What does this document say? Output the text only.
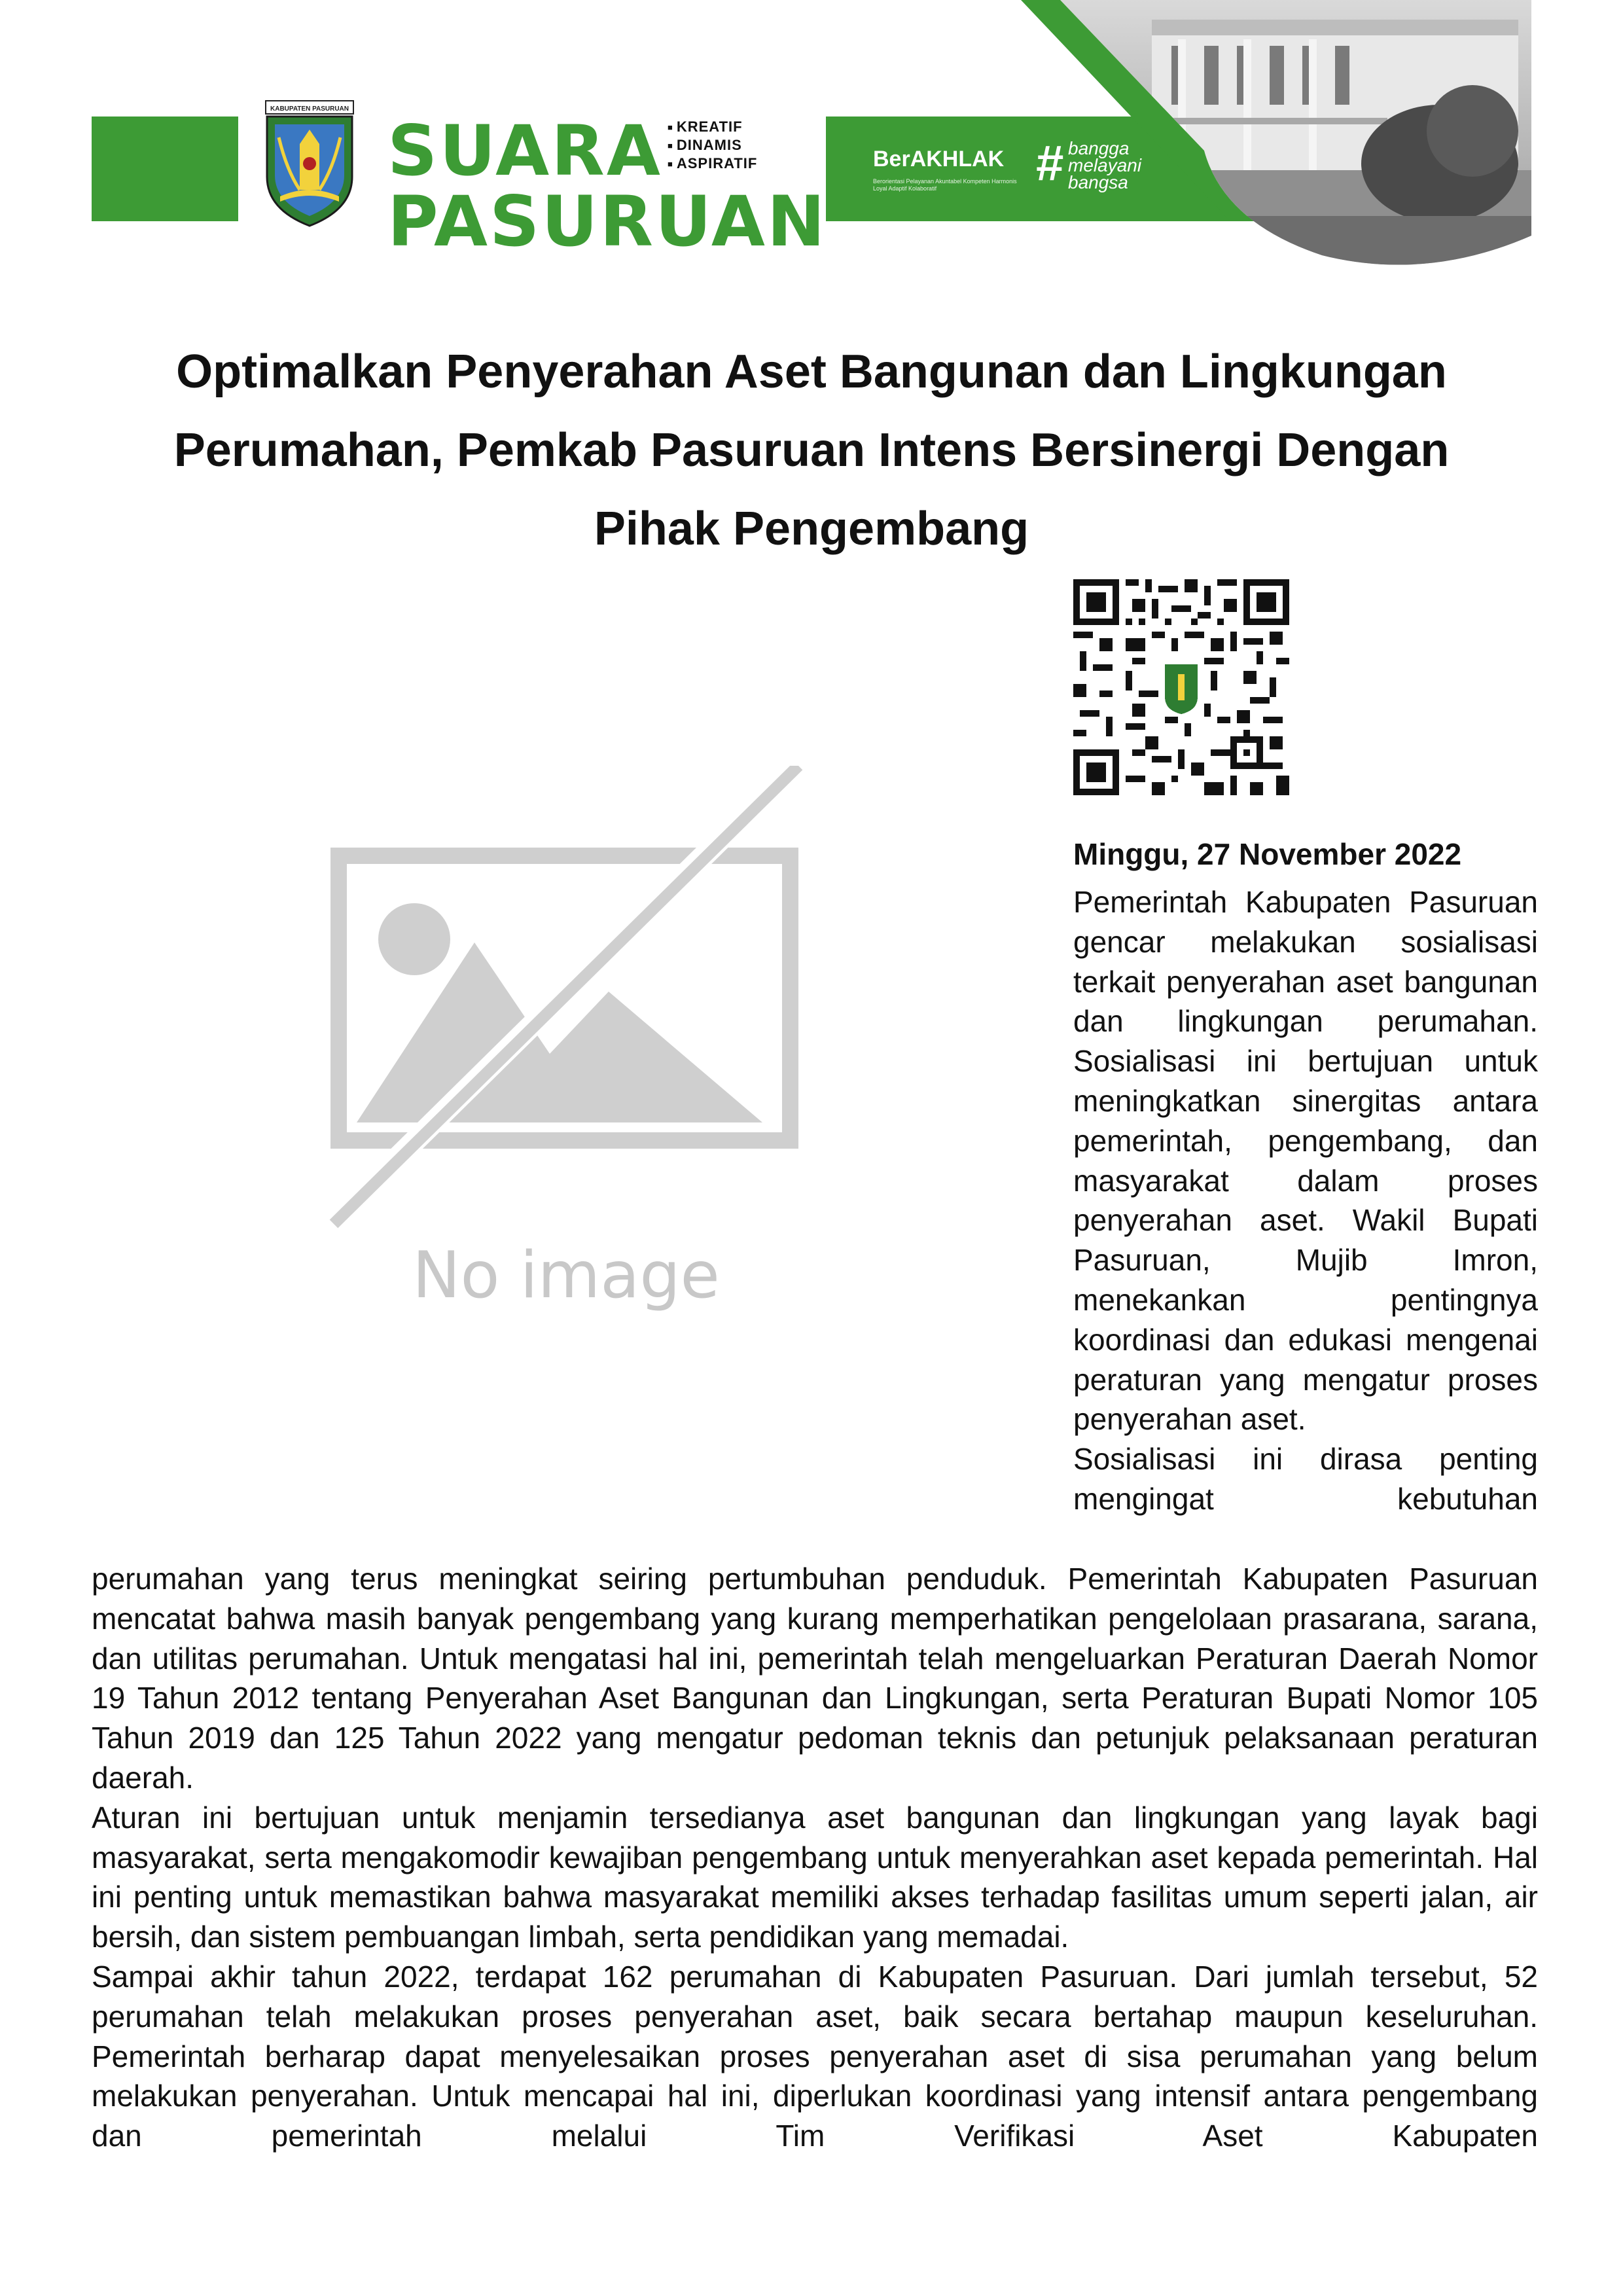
KABUPATEN PASURUAN
SUARA
PASURUAN
■ KREATIF
■ DINAMIS
■ ASPIRATIF	BerAKHLAK
Berorientasi Pelayanan Akuntabel Kompeten Harmonis Loyal Adaptif Kolaboratif	# bangga
melayani
bangsa
Optimalkan Penyerahan Aset Bangunan dan Lingkungan Perumahan, Pemkab Pasuruan Intens Bersinergi Dengan Pihak Pengembang
No image
Minggu, 27 November 2022

Pemerintah Kabupaten Pasuruan gencar melakukan sosialisasi terkait penyerahan aset bangunan dan lingkungan perumahan. Sosialisasi ini bertujuan untuk meningkatkan sinergitas antara pemerintah, pengembang, dan masyarakat dalam proses penyerahan aset. Wakil Bupati Pasuruan, Mujib Imron, menekankan pentingnya koordinasi dan edukasi mengenai peraturan yang mengatur proses penyerahan aset.

Sosialisasi ini dirasa penting mengingat kebutuhan

perumahan yang terus meningkat seiring pertumbuhan penduduk. Pemerintah Kabupaten Pasuruan mencatat bahwa masih banyak pengembang yang kurang memperhatikan pengelolaan prasarana, sarana, dan utilitas perumahan. Untuk mengatasi hal ini, pemerintah telah mengeluarkan Peraturan Daerah Nomor 19 Tahun 2012 tentang Penyerahan Aset Bangunan dan Lingkungan, serta Peraturan Bupati Nomor 105 Tahun 2019 dan 125 Tahun 2022 yang mengatur pedoman teknis dan petunjuk pelaksanaan peraturan daerah.

Aturan ini bertujuan untuk menjamin tersedianya aset bangunan dan lingkungan yang layak bagi masyarakat, serta mengakomodir kewajiban pengembang untuk menyerahkan aset kepada pemerintah. Hal ini penting untuk memastikan bahwa masyarakat memiliki akses terhadap fasilitas umum seperti jalan, air bersih, dan sistem pembuangan limbah, serta pendidikan yang memadai.

Sampai akhir tahun 2022, terdapat 162 perumahan di Kabupaten Pasuruan. Dari jumlah tersebut, 52 perumahan telah melakukan proses penyerahan aset, baik secara bertahap maupun keseluruhan. Pemerintah berharap dapat menyelesaikan proses penyerahan aset di sisa perumahan yang belum melakukan penyerahan. Untuk mencapai hal ini, diperlukan koordinasi yang intensif antara pengembang dan pemerintah melalui Tim Verifikasi Aset Kabupaten
